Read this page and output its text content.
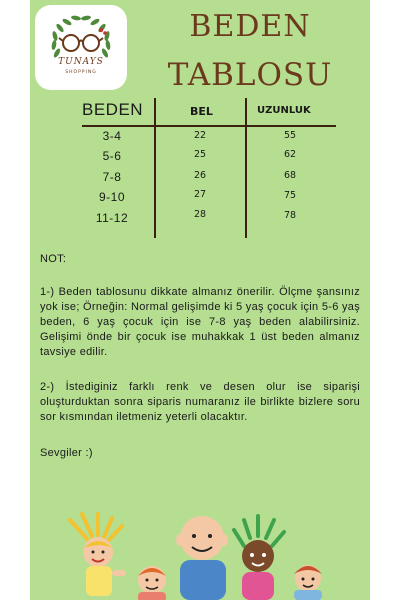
TUNAYS
SHOPPING
BEDEN
TABLOSU
BEDEN	BEL	UZUNLUK
3-4	22	55
5-6	25	62
7-8	26	68
9-10	27	75
11-12	28	78
NOT:
1-) Beden tablosunu dikkate almanız önerilir. Ölçme şansınız yok ise; Örneğin: Normal gelişimde ki 5 yaş çocuk için 5-6 yaş beden, 6 yaş çocuk için ise 7-8 yaş beden alabilirsiniz. Gelişimi önde bir çocuk ise muhakkak 1 üst beden almanız tavsiye edilir.
2-) İstediginiz farklı renk ve desen olur ise siparişi oluşturduktan sonra siparis numaranız ile birlikte bizlere soru sor kısmından iletmeniz yeterli olacaktır.
Sevgiler :)
